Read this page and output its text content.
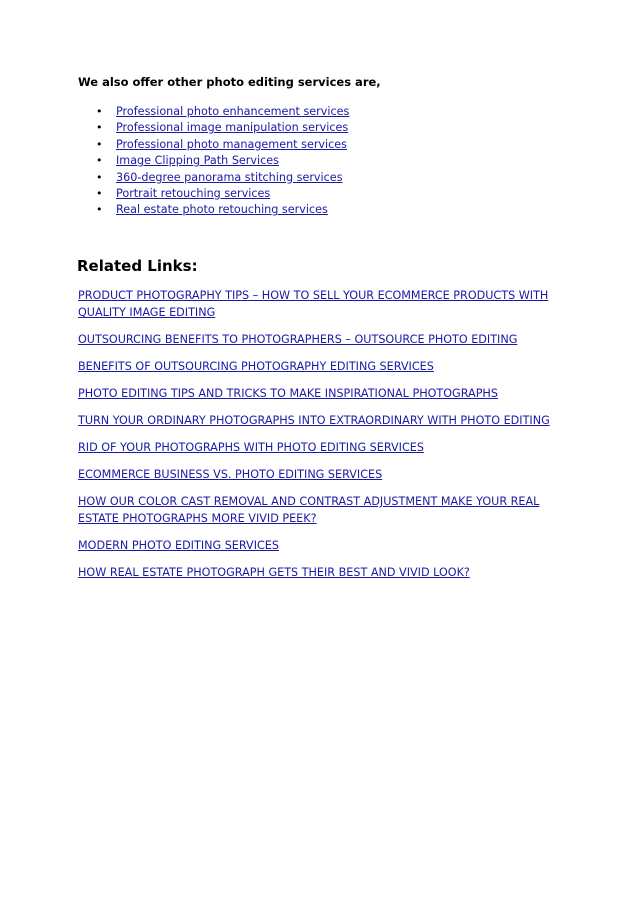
We also offer other photo editing services are,
• Professional photo enhancement services
• Professional image manipulation services
• Professional photo management services
• Image Clipping Path Services
• 360-degree panorama stitching services
• Portrait retouching services
• Real estate photo retouching services
Related Links:
PRODUCT PHOTOGRAPHY TIPS – HOW TO SELL YOUR ECOMMERCE PRODUCTS WITH QUALITY IMAGE EDITING
OUTSOURCING BENEFITS TO PHOTOGRAPHERS – OUTSOURCE PHOTO EDITING
BENEFITS OF OUTSOURCING PHOTOGRAPHY EDITING SERVICES
PHOTO EDITING TIPS AND TRICKS TO MAKE INSPIRATIONAL PHOTOGRAPHS
TURN YOUR ORDINARY PHOTOGRAPHS INTO EXTRAORDINARY WITH PHOTO EDITING
RID OF YOUR PHOTOGRAPHS WITH PHOTO EDITING SERVICES
ECOMMERCE BUSINESS VS. PHOTO EDITING SERVICES
HOW OUR COLOR CAST REMOVAL AND CONTRAST ADJUSTMENT MAKE YOUR REAL ESTATE PHOTOGRAPHS MORE VIVID PEEK?
MODERN PHOTO EDITING SERVICES
HOW REAL ESTATE PHOTOGRAPH GETS THEIR BEST AND VIVID LOOK?
